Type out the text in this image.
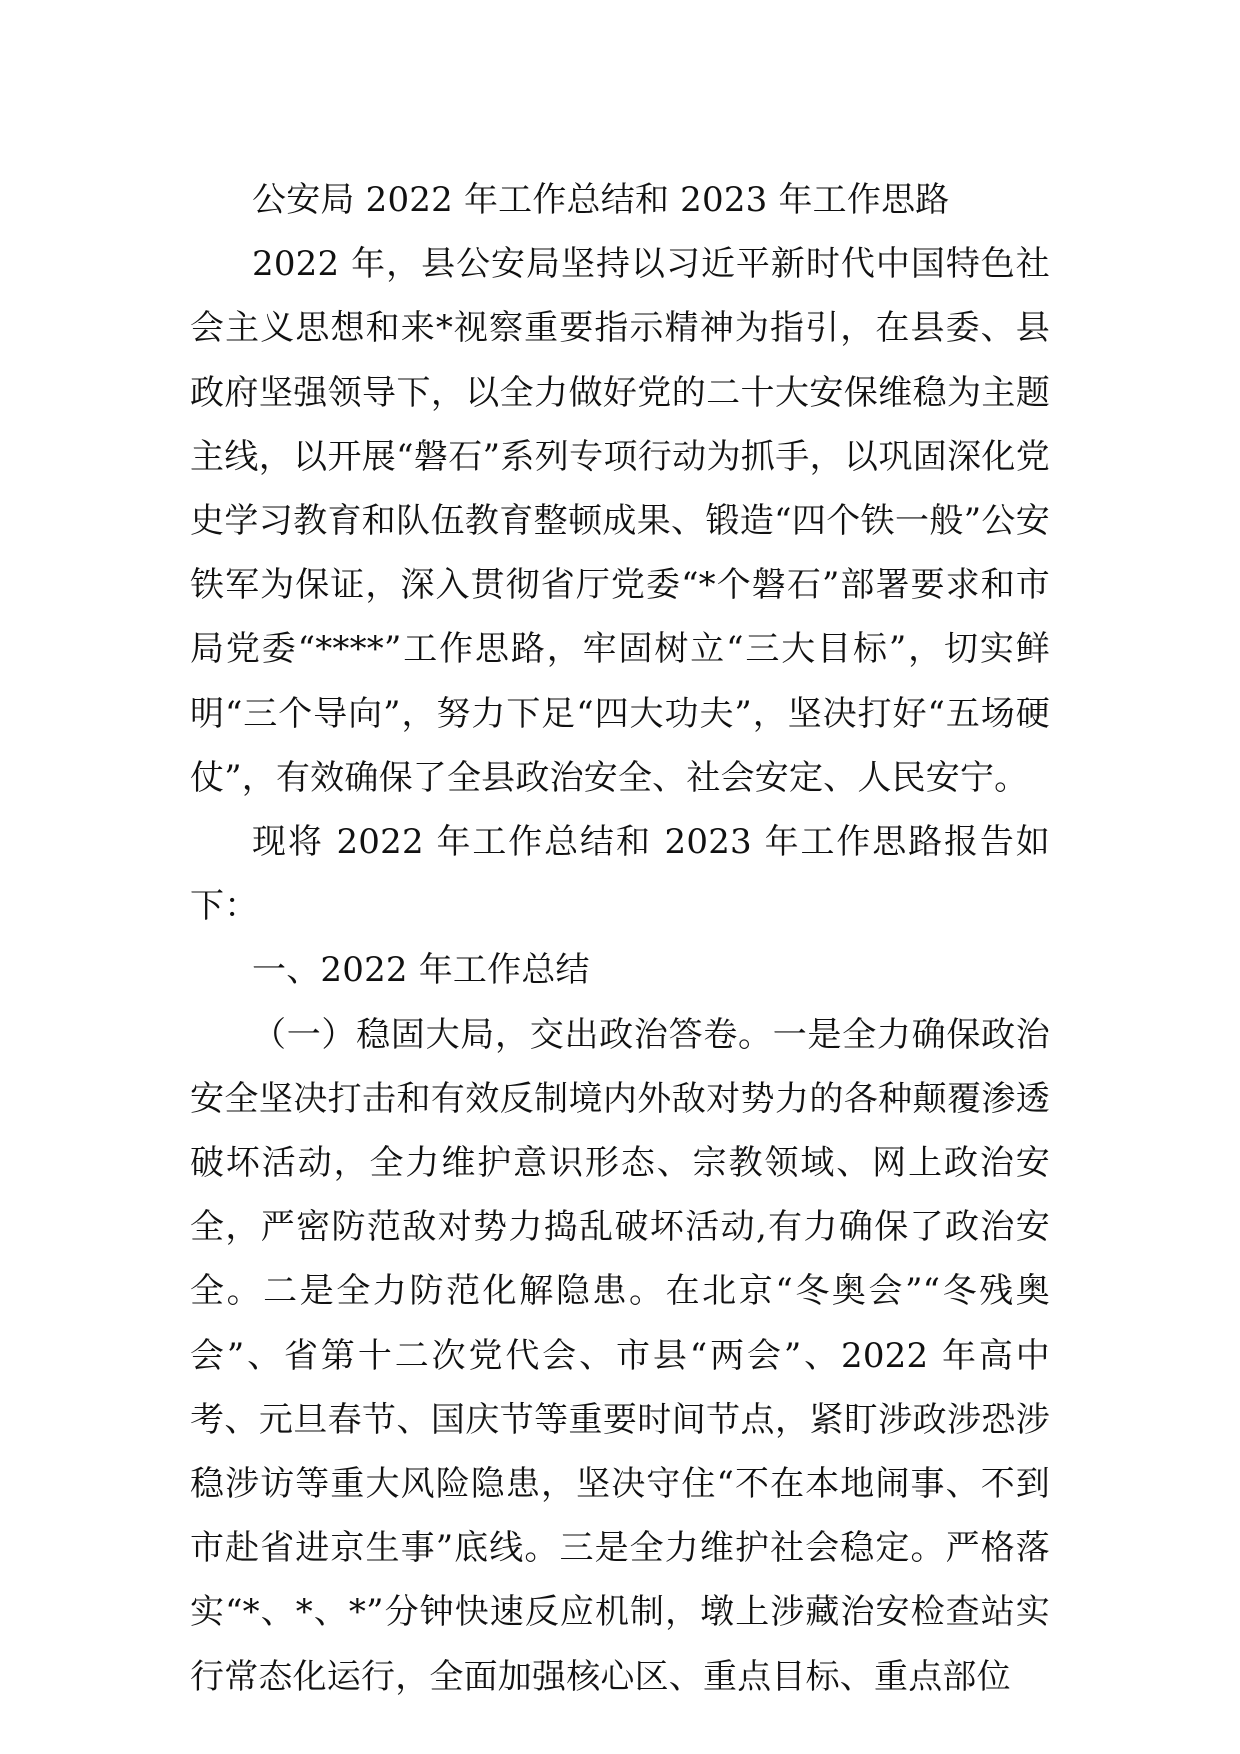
公安局 2022 年工作总结和 2023 年工作思路

2022 年，县公安局坚持以习近平新时代中国特色社会主义思想和来*视察重要指示精神为指引，在县委、县政府坚强领导下，以全力做好党的二十大安保维稳为主题主线，以开展“磐石”系列专项行动为抓手，以巩固深化党史学习教育和队伍教育整顿成果、锻造“四个铁一般”公安铁军为保证，深入贯彻省厅党委“*个磐石”部署要求和市局党委“****”工作思路，牢固树立“三大目标”，切实鲜明“三个导向”，努力下足“四大功夫”，坚决打好“五场硬仗”，有效确保了全县政治安全、社会安定、人民安宁。

现将 2022 年工作总结和 2023 年工作思路报告如下：

一、2022 年工作总结

（一）稳固大局，交出政治答卷。一是全力确保政治安全坚决打击和有效反制境内外敌对势力的各种颠覆渗透破坏活动，全力维护意识形态、宗教领域、网上政治安全，严密防范敌对势力捣乱破坏活动,有力确保了政治安全。二是全力防范化解隐患。在北京“冬奥会”“冬残奥会”、省第十二次党代会、市县“两会”、2022 年高中考、元旦春节、国庆节等重要时间节点，紧盯涉政涉恐涉稳涉访等重大风险隐患，坚决守住“不在本地闹事、不到市赴省进京生事”底线。三是全力维护社会稳定。严格落实“*、*、*”分钟快速反应机制，墩上涉藏治安检查站实行常态化运行，全面加强核心区、重点目标、重点部位
